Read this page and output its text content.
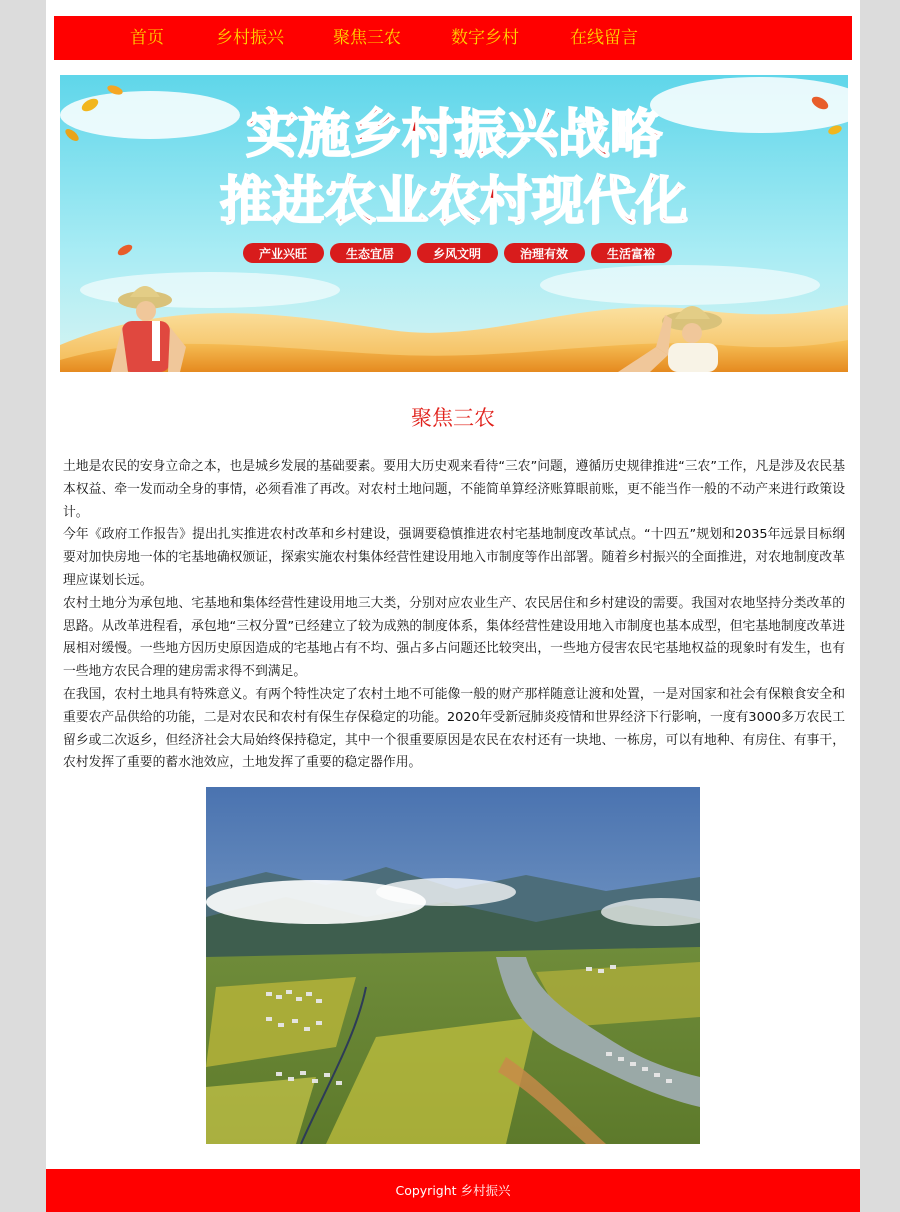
首页	乡村振兴	聚焦三农	数字乡村	在线留言
实施乡村振兴战略
推进农业农村现代化
产业兴旺	生态宜居	乡风文明	治理有效	生活富裕
聚焦三农

土地是农民的安身立命之本，也是城乡发展的基础要素。要用大历史观来看待“三农”问题，遵循历史规律推进“三农”工作，凡是涉及农民基本权益、牵一发而动全身的事情，必须看准了再改。对农村土地问题，不能简单算经济账算眼前账，更不能当作一般的不动产来进行政策设计。

今年《政府工作报告》提出扎实推进农村改革和乡村建设，强调要稳慎推进农村宅基地制度改革试点。“十四五”规划和2035年远景目标纲要对加快房地一体的宅基地确权颁证，探索实施农村集体经营性建设用地入市制度等作出部署。随着乡村振兴的全面推进，对农地制度改革理应谋划长远。

农村土地分为承包地、宅基地和集体经营性建设用地三大类，分别对应农业生产、农民居住和乡村建设的需要。我国对农地坚持分类改革的思路。从改革进程看，承包地“三权分置”已经建立了较为成熟的制度体系，集体经营性建设用地入市制度也基本成型，但宅基地制度改革进展相对缓慢。一些地方因历史原因造成的宅基地占有不均、强占多占问题还比较突出，一些地方侵害农民宅基地权益的现象时有发生，也有一些地方农民合理的建房需求得不到满足。

在我国，农村土地具有特殊意义。有两个特性决定了农村土地不可能像一般的财产那样随意让渡和处置，一是对国家和社会有保粮食安全和重要农产品供给的功能，二是对农民和农村有保生存保稳定的功能。2020年受新冠肺炎疫情和世界经济下行影响，一度有3000多万农民工留乡或二次返乡，但经济社会大局始终保持稳定，其中一个很重要原因是农民在农村还有一块地、一栋房，可以有地种、有房住、有事干，农村发挥了重要的蓄水池效应，土地发挥了重要的稳定器作用。

Copyright 乡村振兴
